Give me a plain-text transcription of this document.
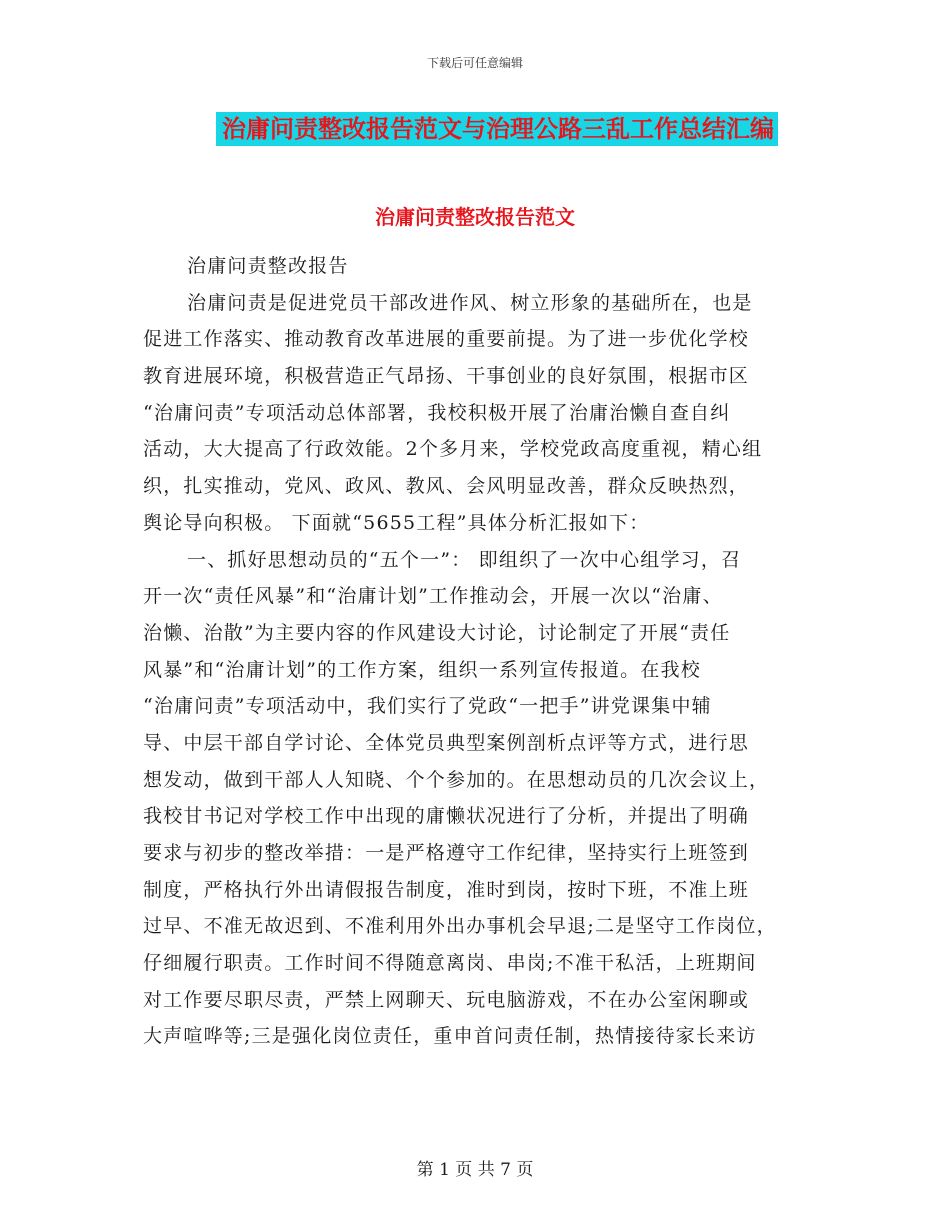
下载后可任意编辑
治庸问责整改报告范文与治理公路三乱工作总结汇编
治庸问责整改报告范文
治庸问责整改报告
治庸问责是促进党员干部改进作风、树立形象的基础所在，也是
促进工作落实、推动教育改革进展的重要前提。为了进一步优化学校
教育进展环境，积极营造正气昂扬、干事创业的良好氛围，根据市区
“治庸问责”专项活动总体部署，我校积极开展了治庸治懒自查自纠
活动，大大提高了行政效能。2个多月来，学校党政高度重视，精心组
织，扎实推动，党风、政风、教风、会风明显改善，群众反映热烈，
舆论导向积极。 下面就“5655工程”具体分析汇报如下：
一、抓好思想动员的“五个一”： 即组织了一次中心组学习，召
开一次“责任风暴”和“治庸计划”工作推动会，开展一次以“治庸、
治懒、治散”为主要内容的作风建设大讨论，讨论制定了开展“责任
风暴”和“治庸计划”的工作方案，组织一系列宣传报道。在我校
“治庸问责”专项活动中，我们实行了党政“一把手”讲党课集中辅
导、中层干部自学讨论、全体党员典型案例剖析点评等方式，进行思
想发动，做到干部人人知晓、个个参加的。在思想动员的几次会议上，
我校甘书记对学校工作中出现的庸懒状况进行了分析，并提出了明确
要求与初步的整改举措：一是严格遵守工作纪律，坚持实行上班签到
制度，严格执行外出请假报告制度，准时到岗，按时下班，不准上班
过早、不准无故迟到、不准利用外出办事机会早退;二是坚守工作岗位，
仔细履行职责。工作时间不得随意离岗、串岗;不准干私活，上班期间
对工作要尽职尽责，严禁上网聊天、玩电脑游戏，不在办公室闲聊或
大声喧哗等;三是强化岗位责任，重申首问责任制，热情接待家长来访
第 1 页 共 7 页
